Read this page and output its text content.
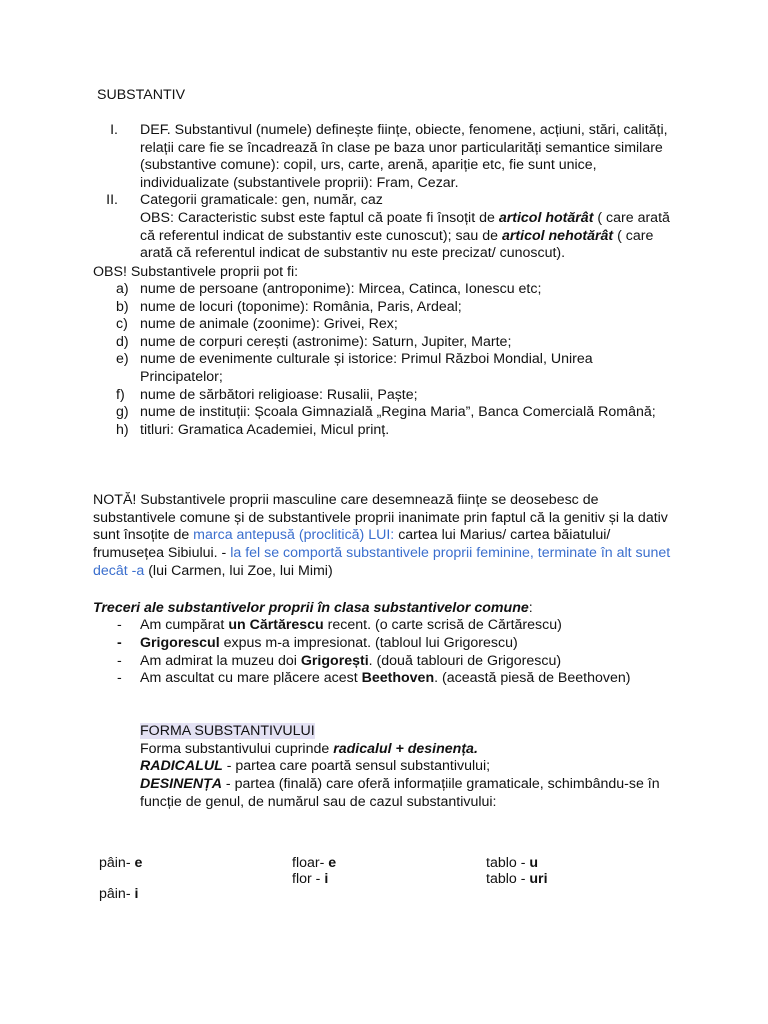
SUBSTANTIV
I. DEF. Substantivul (numele) definește ființe, obiecte, fenomene, acțiuni, stări, calități, relații care fie se încadrează în clase pe baza unor particularități semantice similare (substantive comune): copil, urs, carte, arenă, apariție etc, fie sunt unice, individualizate (substantivele proprii): Fram, Cezar.
II. Categorii gramaticale: gen, număr, caz
OBS: Caracteristic subst este faptul că poate fi însoțit de articol hotărât ( care arată că referentul indicat de substantiv este cunoscut); sau de articol nehotărât ( care arată că referentul indicat de substantiv nu este precizat/ cunoscut).
OBS! Substantivele proprii pot fi:
a) nume de persoane (antroponime): Mircea, Catinca, Ionescu etc;
b) nume de locuri (toponime): România, Paris, Ardeal;
c) nume de animale (zoonime): Grivei, Rex;
d) nume de corpuri cerești (astronime): Saturn, Jupiter, Marte;
e) nume de evenimente culturale și istorice: Primul Război Mondial, Unirea Principatelor;
f) nume de sărbători religioase: Rusalii, Paște;
g) nume de instituții: Școala Gimnazială „Regina Maria”, Banca Comercială Română;
h) titluri: Gramatica Academiei, Micul prinț.
NOTĂ! Substantivele proprii masculine care desemnează ființe se deosebesc de substantivele comune și de substantivele proprii inanimate prin faptul că la genitiv și la dativ sunt însoțite de marca antepusă (proclitică) LUI: cartea lui Marius/ cartea băiatului/ frumusețea Sibiului. - la fel se comportă substantivele proprii feminine, terminate în alt sunet decât -a (lui Carmen, lui Zoe, lui Mimi)
Treceri ale substantivelor proprii în clasa substantivelor comune:
- Am cumpărat un Cărtărescu recent. (o carte scrisă de Cărtărescu)
- Grigorescul expus m-a impresionat. (tabloul lui Grigorescu)
- Am admirat la muzeu doi Grigorești. (două tablouri de Grigorescu)
- Am ascultat cu mare plăcere acest Beethoven. (această piesă de Beethoven)
FORMA SUBSTANTIVULUI
Forma substantivului cuprinde radicalul + desinența.
RADICALUL - partea care poartă sensul substantivului;
DESINENȚA - partea (finală) care oferă informațiile gramaticale, schimbându-se în funcție de genul, de numărul sau de cazul substantivului:
pâin- e
pâin- i
floar- e
flor - i
tablo - u
tablo - uri
